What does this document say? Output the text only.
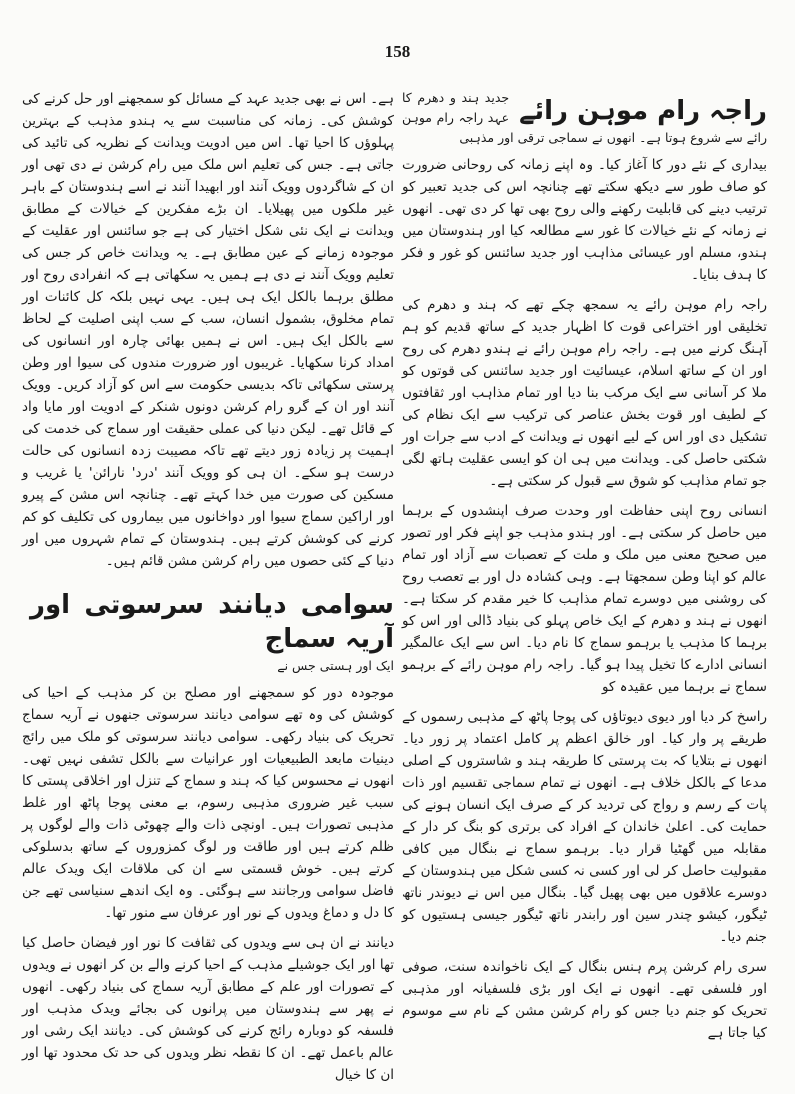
158
راجہ رام موہن رائے
جدید ہند و دھرم کا عہد راجہ رام موہن رائے سے شروع ہوتا ہے۔ انھوں نے سماجی ترقی اور مذہبی

بیداری کے نئے دور کا آغاز کیا۔ وہ اپنے زمانہ کی روحانی ضرورت کو صاف طور سے دیکھ سکتے تھے چنانچہ اس کی جدید تعبیر کو ترتیب دینے کی قابلیت رکھنے والی روح بھی تھا کر دی تھی۔ انھوں نے زمانہ کے نئے خیالات کا غور سے مطالعہ کیا اور ہندوستان میں ہندو، مسلم اور عیسائی مذاہب اور جدید سائنس کو غور و فکر کا ہدف بنایا۔

راجہ رام موہن رائے یہ سمجھ چکے تھے کہ ہند و دھرم کی تخلیقی اور اختراعی قوت کا اظہار جدید کے ساتھ قدیم کو ہم آہنگ کرنے میں ہے۔ راجہ رام موہن رائے نے ہندو دھرم کی روح اور ان کے ساتھ اسلام، عیسائیت اور جدید سائنس کی قوتوں کو ملا کر آسانی سے ایک مرکب بنا دیا اور تمام مذاہب اور ثقافتوں کے لطیف اور قوت بخش عناصر کی ترکیب سے ایک نظام کی تشکیل دی اور اس کے لیے انھوں نے ویدانت کے ادب سے جرات اور شکتی حاصل کی۔ ویدانت میں ہی ان کو ایسی عقلیت ہاتھ لگی جو تمام مذاہب کو شوق سے قبول کر سکتی ہے۔

انسانی روح اپنی حفاظت اور وحدت صرف اپنشدوں کے برہما میں حاصل کر سکتی ہے۔ اور ہندو مذہب جو اپنے فکر اور تصور میں صحیح معنی میں ملک و ملت کے تعصبات سے آزاد اور تمام عالم کو اپنا وطن سمجھتا ہے۔ وہی کشادہ دل اور بے تعصب روح کی روشنی میں دوسرے تمام مذاہب کا خیر مقدم کر سکتا ہے۔ انھوں نے ہند و دھرم کے ایک خاص پہلو کی بنیاد ڈالی اور اس کو برہما کا مذہب یا برہمو سماج کا نام دیا۔ اس سے ایک عالمگیر انسانی ادارے کا تخیل پیدا ہو گیا۔ راجہ رام موہن رائے کے برہمو سماج نے برہما میں عقیدہ کو

راسخ کر دیا اور دیوی دیوتاؤں کی پوجا پاٹھ کے مذہبی رسموں کے طریقے پر وار کیا۔ اور خالق اعظم پر کامل اعتماد پر زور دیا۔ انھوں نے بتلایا کہ بت پرستی کا طریقہ ہند و شاستروں کے اصلی مدعا کے بالکل خلاف ہے۔ انھوں نے تمام سماجی تقسیم اور ذات پات کے رسم و رواج کی تردید کر کے صرف ایک انسان ہونے کی حمایت کی۔ اعلیٰ خاندان کے افراد کی برتری کو بنگ کر دار کے مقابلہ میں گھٹیا قرار دیا۔ برہمو سماج نے بنگال میں کافی مقبولیت حاصل کر لی اور کسی نہ کسی شکل میں ہندوستان کے دوسرے علاقوں میں بھی پھیل گیا۔ بنگال میں اس نے دیوندر ناتھ ٹیگور، کیشو چندر سین اور رابندر ناتھ ٹیگور جیسی ہستیوں کو جنم دیا۔

سری رام کرشن پرم ہنس بنگال کے ایک ناخواندہ سنت، صوفی اور فلسفی تھے۔ انھوں نے ایک اور بڑی فلسفیانہ اور مذہبی تحریک کو جنم دیا جس کو رام کرشن مشن کے نام سے موسوم کیا جاتا ہے

ہے۔ اس نے بھی جدید عہد کے مسائل کو سمجھنے اور حل کرنے کی کوشش کی۔ زمانہ کی مناسبت سے یہ ہندو مذہب کے بہترین پہلوؤں کا احیا تھا۔ اس میں ادویت ویدانت کے نظریہ کی تائید کی جاتی ہے۔ جس کی تعلیم اس ملک میں رام کرشن نے دی تھی اور ان کے شاگردوں وویک آنند اور ابھیدا آنند نے اسے ہندوستان کے باہر غیر ملکوں میں پھیلایا۔ ان بڑے مفکرین کے خیالات کے مطابق ویدانت نے ایک نئی شکل اختیار کی ہے جو سائنس اور عقلیت کے موجودہ زمانے کے عین مطابق ہے۔ یہ ویدانت خاص کر جس کی تعلیم وویک آنند نے دی ہے ہمیں یہ سکھاتی ہے کہ انفرادی روح اور مطلق برہما بالکل ایک ہی ہیں۔ یہی نہیں بلکہ کل کائنات اور تمام مخلوق، بشمول انسان، سب کے سب اپنی اصلیت کے لحاظ سے بالکل ایک ہیں۔ اس نے ہمیں بھائی چارہ اور انسانوں کی امداد کرنا سکھایا۔ غریبوں اور ضرورت مندوں کی سیوا اور وطن پرستی سکھائی تاکہ بدیسی حکومت سے اس کو آزاد کریں۔ وویک آنند اور ان کے گرو رام کرشن دونوں شنکر کے ادویت اور مایا واد کے قائل تھے۔ لیکن دنیا کی عملی حقیقت اور سماج کی خدمت کی اہمیت پر زیادہ زور دیتے تھے تاکہ مصیبت زدہ انسانوں کی حالت درست ہو سکے۔ ان ہی کو وویک آنند 'درد' نارائن' یا غریب و مسکین کی صورت میں خدا کہتے تھے۔ چنانچہ اس مشن کے پیرو اور اراکین سماج سیوا اور دواخانوں میں بیماروں کی تکلیف کو کم کرنے کی کوشش کرتے ہیں۔ ہندوستان کے تمام شہروں میں اور دنیا کے کئی حصوں میں رام کرشن مشن قائم ہیں۔

سوامی دیانند سرسوتی اور آریہ سماج
ایک اور ہستی جس نے

موجودہ دور کو سمجھنے اور مصلح بن کر مذہب کے احیا کی کوشش کی وہ تھے سوامی دیانند سرسوتی جنھوں نے آریہ سماج تحریک کی بنیاد رکھی۔ سوامی دیانند سرسوتی کو ملک میں رائج دینیات مابعد الطبیعیات اور عرانیات سے بالکل تشفی نہیں تھی۔ انھوں نے محسوس کیا کہ ہند و سماج کے تنزل اور اخلاقی پستی کا سبب غیر ضروری مذہبی رسوم، بے معنی پوجا پاٹھ اور غلط مذہبی تصورات ہیں۔ اونچی ذات والے چھوٹی ذات والے لوگوں پر ظلم کرتے ہیں اور طاقت ور لوگ کمزوروں کے ساتھ بدسلوکی کرتے ہیں۔ خوش قسمتی سے ان کی ملاقات ایک ویدک عالم فاضل سوامی ورجانند سے ہوگئی۔ وہ ایک اندھے سنیاسی تھے جن کا دل و دماغ ویدوں کے نور اور عرفان سے منور تھا۔

دیانند نے ان ہی سے ویدوں کی ثقافت کا نور اور فیضان حاصل کیا تھا اور ایک جوشیلے مذہب کے احیا کرنے والے بن کر انھوں نے ویدوں کے تصورات اور علم کے مطابق آریہ سماج کی بنیاد رکھی۔ انھوں نے پھر سے ہندوستان میں پرانوں کی بجائے ویدک مذہب اور فلسفہ کو دوبارہ رائج کرنے کی کوشش کی۔ دیانند ایک رشی اور عالم باعمل تھے۔ ان کا نقطہ نظر ویدوں کی حد تک محدود تھا اور ان کا خیال
